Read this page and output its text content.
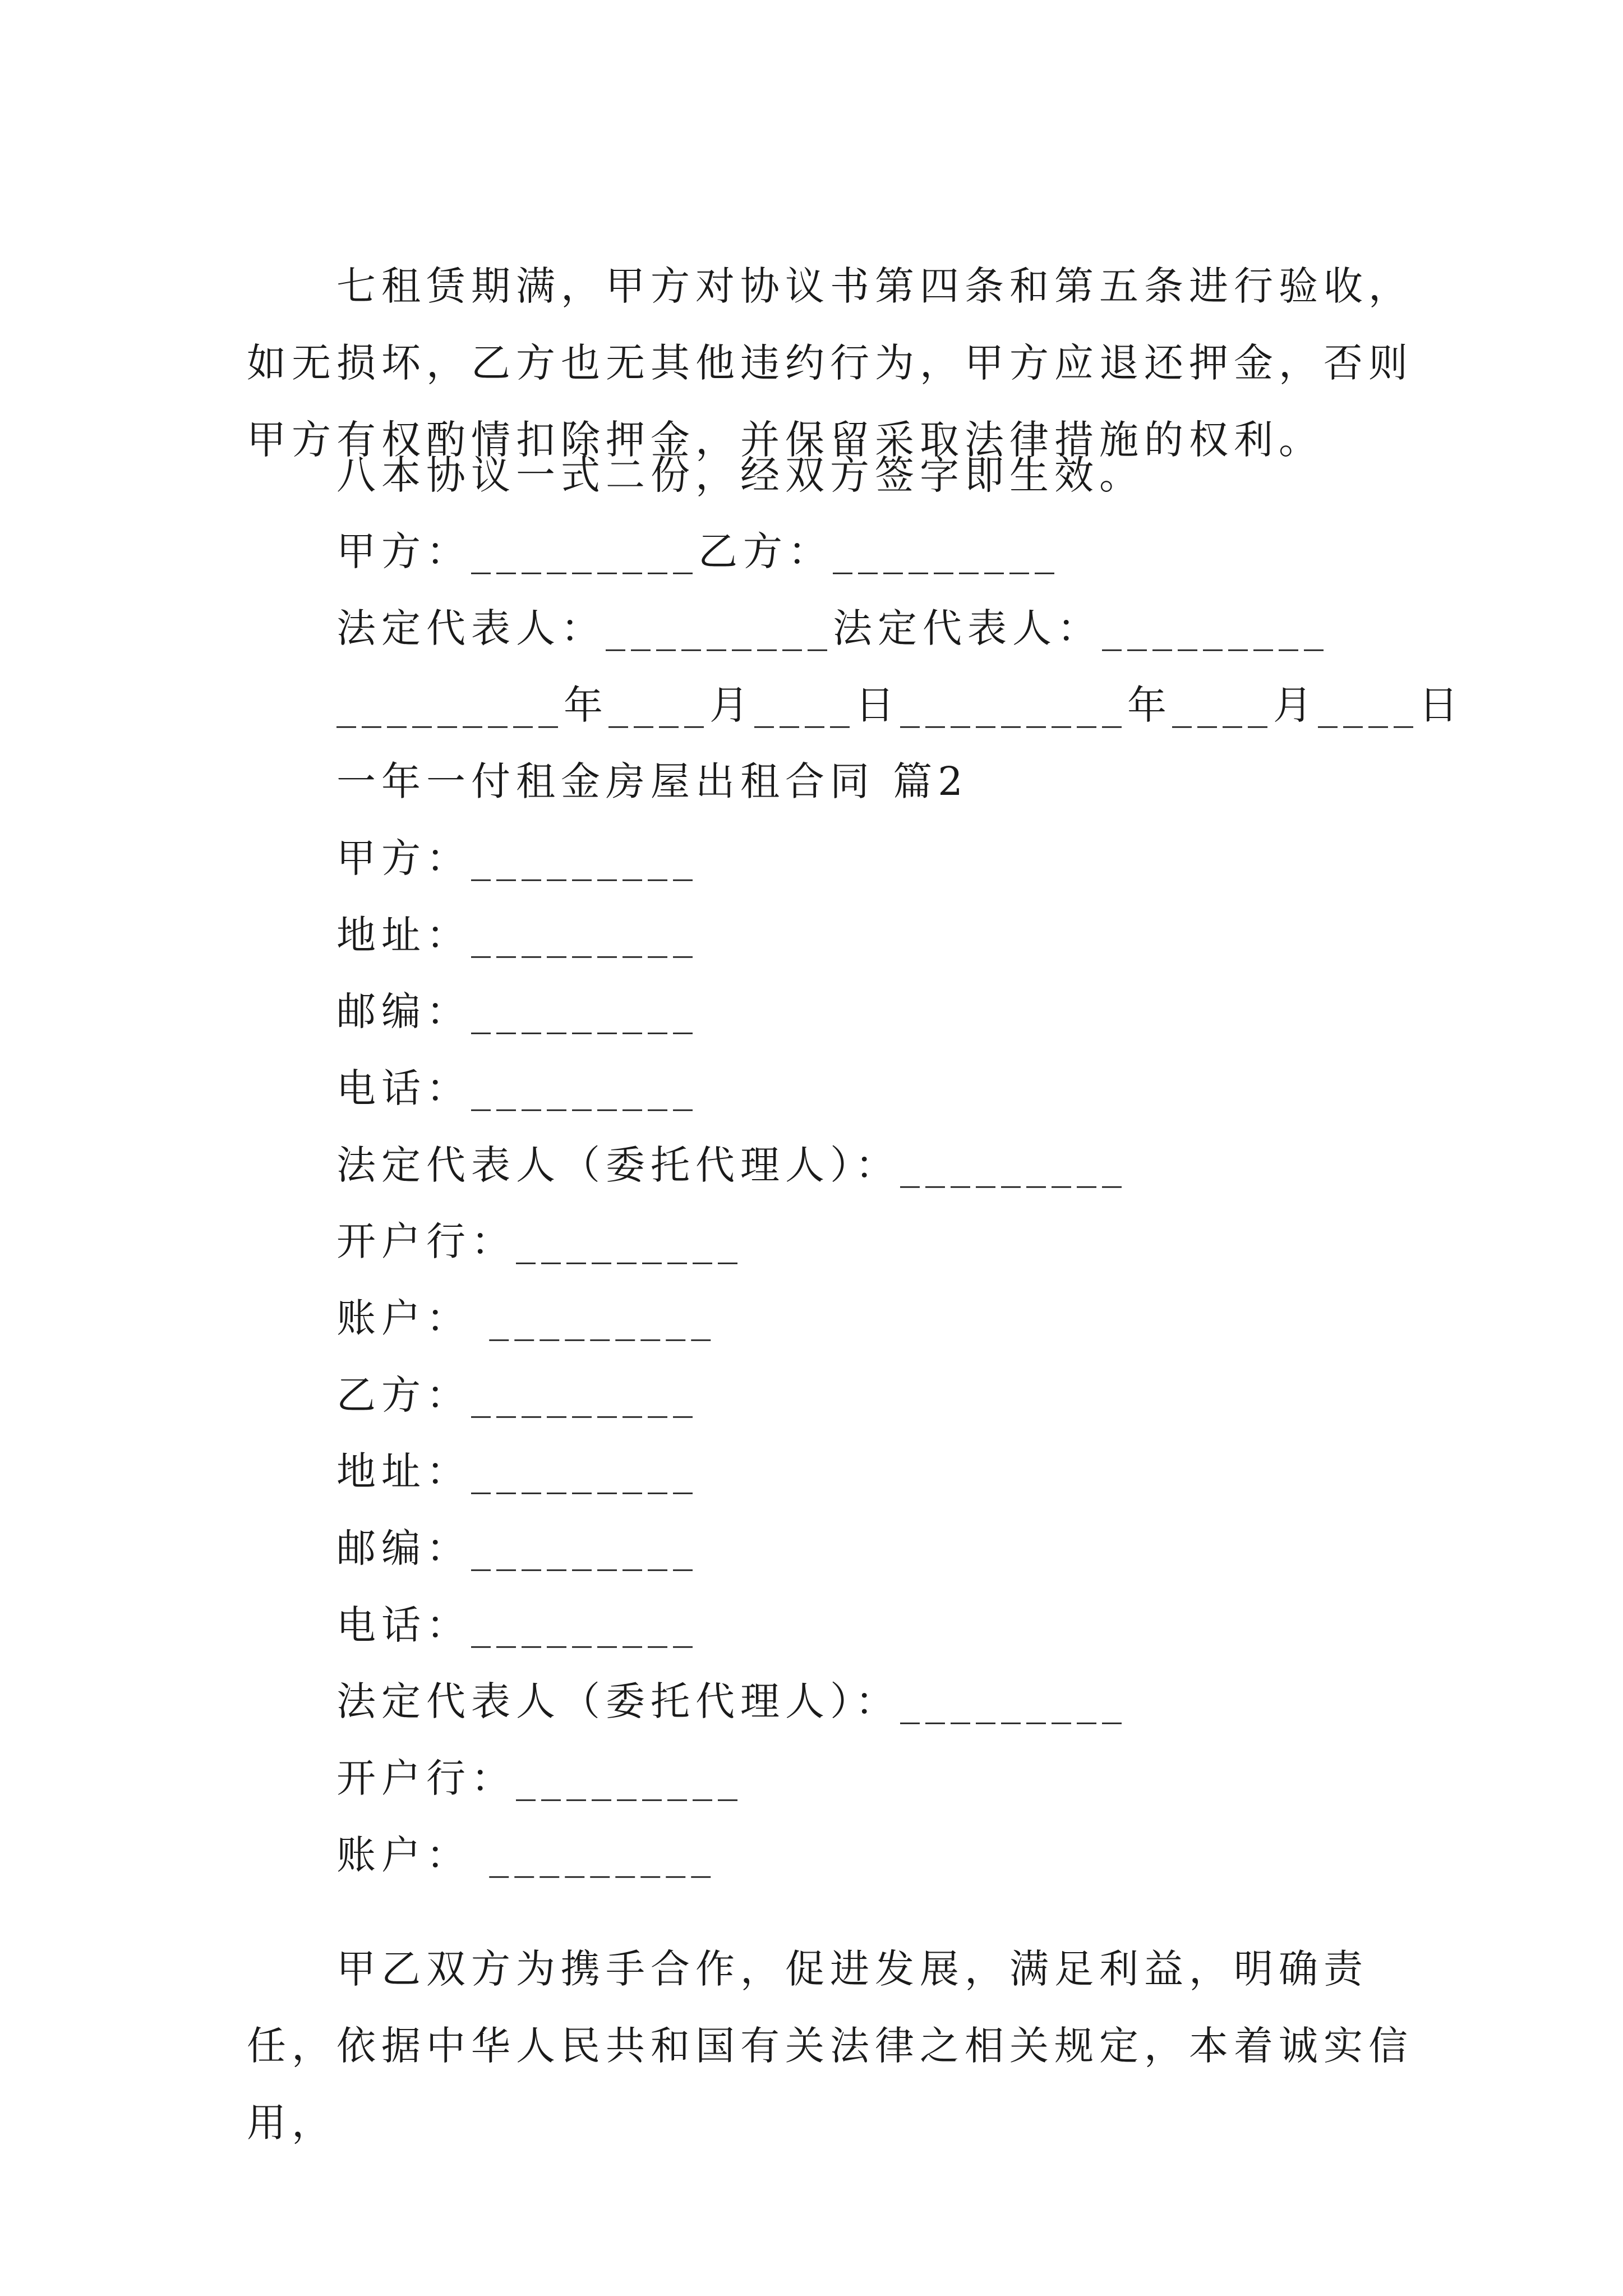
七租赁期满，甲方对协议书第四条和第五条进行验收，如无损坏，乙方也无其他违约行为，甲方应退还押金，否则甲方有权酌情扣除押金，并保留采取法律措施的权利。

八本协议一式二份，经双方签字即生效。
甲方：_________乙方：_________
法定代表人：_________法定代表人：_________
_________年____月____日_________年____月____日
一年一付租金房屋出租合同 篇2
甲方：_________
地址：_________
邮编：_________
电话：_________
法定代表人（委托代理人）：_________
开户行：_________
账户： _________
乙方：_________
地址：_________
邮编：_________
电话：_________
法定代表人（委托代理人）：_________
开户行：_________
账户： _________

甲乙双方为携手合作，促进发展，满足利益，明确责任，依据中华人民共和国有关法律之相关规定，本着诚实信用，
